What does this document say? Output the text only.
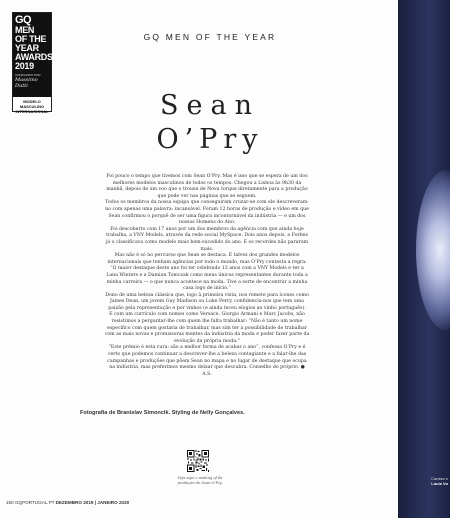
GQ
MEN
OF THE
YEAR
AWARDS
2019
CONDUZIDO POR
Massimo Dutti
MODELO
MASCULINO
INTERNACIONAL
GQ MEN OF THE YEAR
Sean
O’Pry

Foi pouco o tempo que tivemos com Sean O’Pry. Mas é isso que se espera de um dos melhores modelos masculinos de todos os tempos. Chegou a Lisboa às 9h30 da manhã, depois de um voo que o trouxe de Nova Iorque diretamente para a produção que pode ver nas páginas que se seguem.

Todos os membros da nossa equipa que conseguiram cruzar-se com ele descreveram-no com apenas uma palavra: incansável. Foram 12 horas de produção e vídeo em que Sean confirmou o porquê de ser uma figura incontornável da indústria — e um dos nossos Homens do Ano.

Foi descoberto com 17 anos por um dos membros da agência com que ainda hoje trabalha, a VNY Models, através da rede social MySpace. Dois anos depois, a Forbes já o classificava como modelo mais bem-sucedido do ano. E os recordes não pararam mais.

Mas não é só no percurso que Sean se destaca. É talvez dos grandes modelos internacionais que tenham agências por todo o mundo, mas O’Pry contesta a regra: “O maior destaque deste ano foi ter celebrado 13 anos com a VNY Models e ter a Lana Winters e a Damian Tomczak como meus únicos representantes durante toda a minha carreira — o que nunca acontece na moda. Tive a sorte de encontrar a minha casa logo de início.”

Dono de uma beleza clássica que, logo à primeira vista, nos remete para ícones como James Dean, um jovem Guy Madison ou Luke Perry, confidencia-nos que tem uma paixão pela representação e por vinhos (e ainda teceu elogios ao vinho português).

E com um currículo com nomes como Versace, Giorgio Armani e Marc Jacobs, não resistimos a perguntar-lhe com quem lhe falta trabalhar: “Não é tanto um nome específico com quem gostaria de trabalhar, mas sim ter a possibilidade de trabalhar com as mais novas e promissoras mentes da indústria da moda e poder fazer parte da evolução da própria moda.”

“Este prémio é esta cura: são a melhor forma de acabar o ano”, confessa O’Pry e é certo que podemos continuar a descrever-lhe a beleza contagiante e a falar-lhe das campanhas e produções que põem Sean no mapa e no lugar de destaque que ocupa na indústria, mas preferimos mesmo deixar que descubra. Conselho do próprio. ● A.S.

Fotografia de Branislav Simoncik. Styling de Nelly Gonçalves.
Veja aqui o making of da produção de Sean O’Pry.
150 GQPORTUGAL.PT DEZEMBRO 2019 | JANEIRO 2020
Camisa e
Louis Vu
